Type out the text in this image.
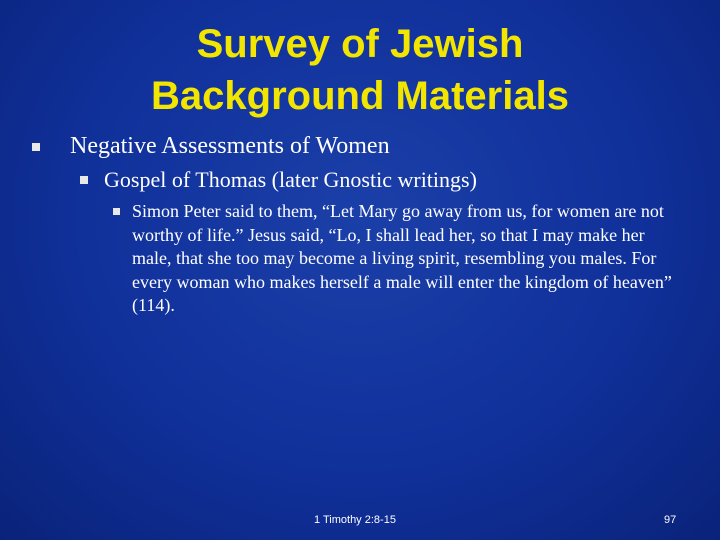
Survey of Jewish
Background Materials
Negative Assessments of Women
Gospel of Thomas (later Gnostic writings)
Simon Peter said to them, “Let Mary go away from us, for women are not worthy of life.” Jesus said, “Lo, I shall lead her, so that I may make her male, that she too may become a living spirit, resembling you males. For every woman who makes herself a male will enter the kingdom of heaven” (114).
1 Timothy 2:8-15	97
